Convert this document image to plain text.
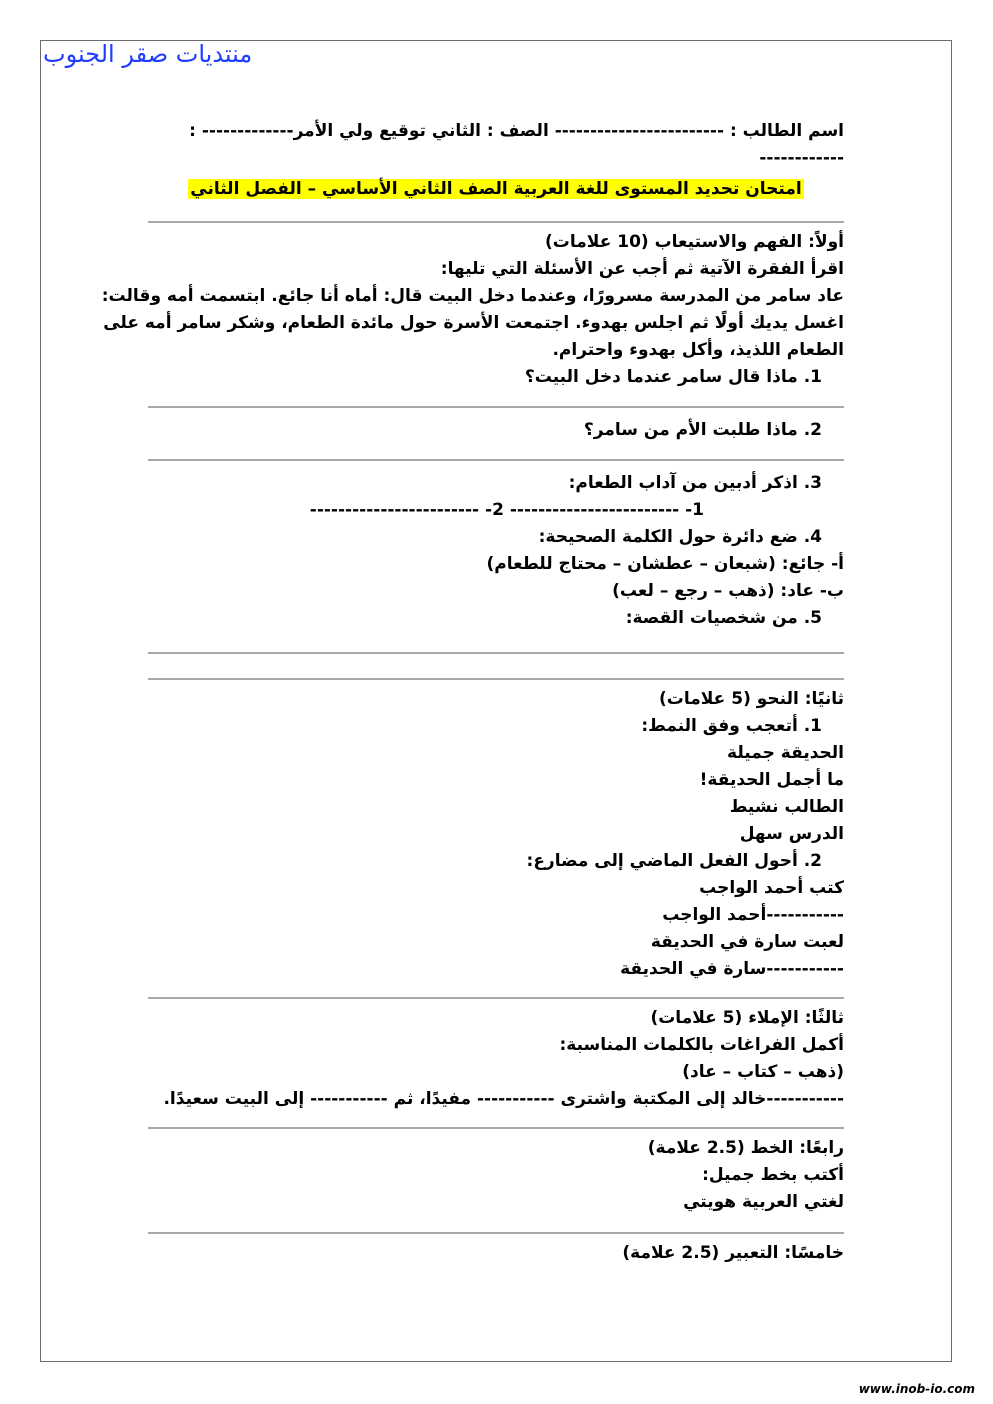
منتديات صقر الجنوب
اسم الطالب : ------------------------ الصف : الثاني توقيع ولي الأمر------------- :
------------
امتحان تحديد المستوى للغة العربية الصف الثاني الأساسي – الفصل الثاني
أولاً: الفهم والاستيعاب (10 علامات)
اقرأ الفقرة الآتية ثم أجب عن الأسئلة التي تليها:
عاد سامر من المدرسة مسرورًا، وعندما دخل البيت قال: أماه أنا جائع. ابتسمت أمه وقالت:
اغسل يديك أولًا ثم اجلس بهدوء. اجتمعت الأسرة حول مائدة الطعام، وشكر سامر أمه على
الطعام اللذيذ، وأكل بهدوء واحترام.
1. ماذا قال سامر عندما دخل البيت؟
2. ماذا طلبت الأم من سامر؟
3. اذكر أدبين من آداب الطعام:
1- ------------------------ 2- ------------------------
4. ضع دائرة حول الكلمة الصحيحة:
أ- جائع: (شبعان – عطشان – محتاج للطعام)
ب- عاد: (ذهب – رجع – لعب)
5. من شخصيات القصة:
ثانيًا: النحو (5 علامات)
1. أتعجب وفق النمط:
الحديقة جميلة
ما أجمل الحديقة!
الطالب نشيط
الدرس سهل
2. أحول الفعل الماضي إلى مضارع:
كتب أحمد الواجب
-----------أحمد الواجب
لعبت سارة في الحديقة
-----------سارة في الحديقة
ثالثًا: الإملاء (5 علامات)
أكمل الفراغات بالكلمات المناسبة:
(ذهب – كتاب – عاد)
-----------خالد إلى المكتبة واشترى ----------- مفيدًا، ثم ----------- إلى البيت سعيدًا.
رابعًا: الخط (2.5 علامة)
أكتب بخط جميل:
لغتي العربية هويتي
خامسًا: التعبير (2.5 علامة)
www.inob-io.com
